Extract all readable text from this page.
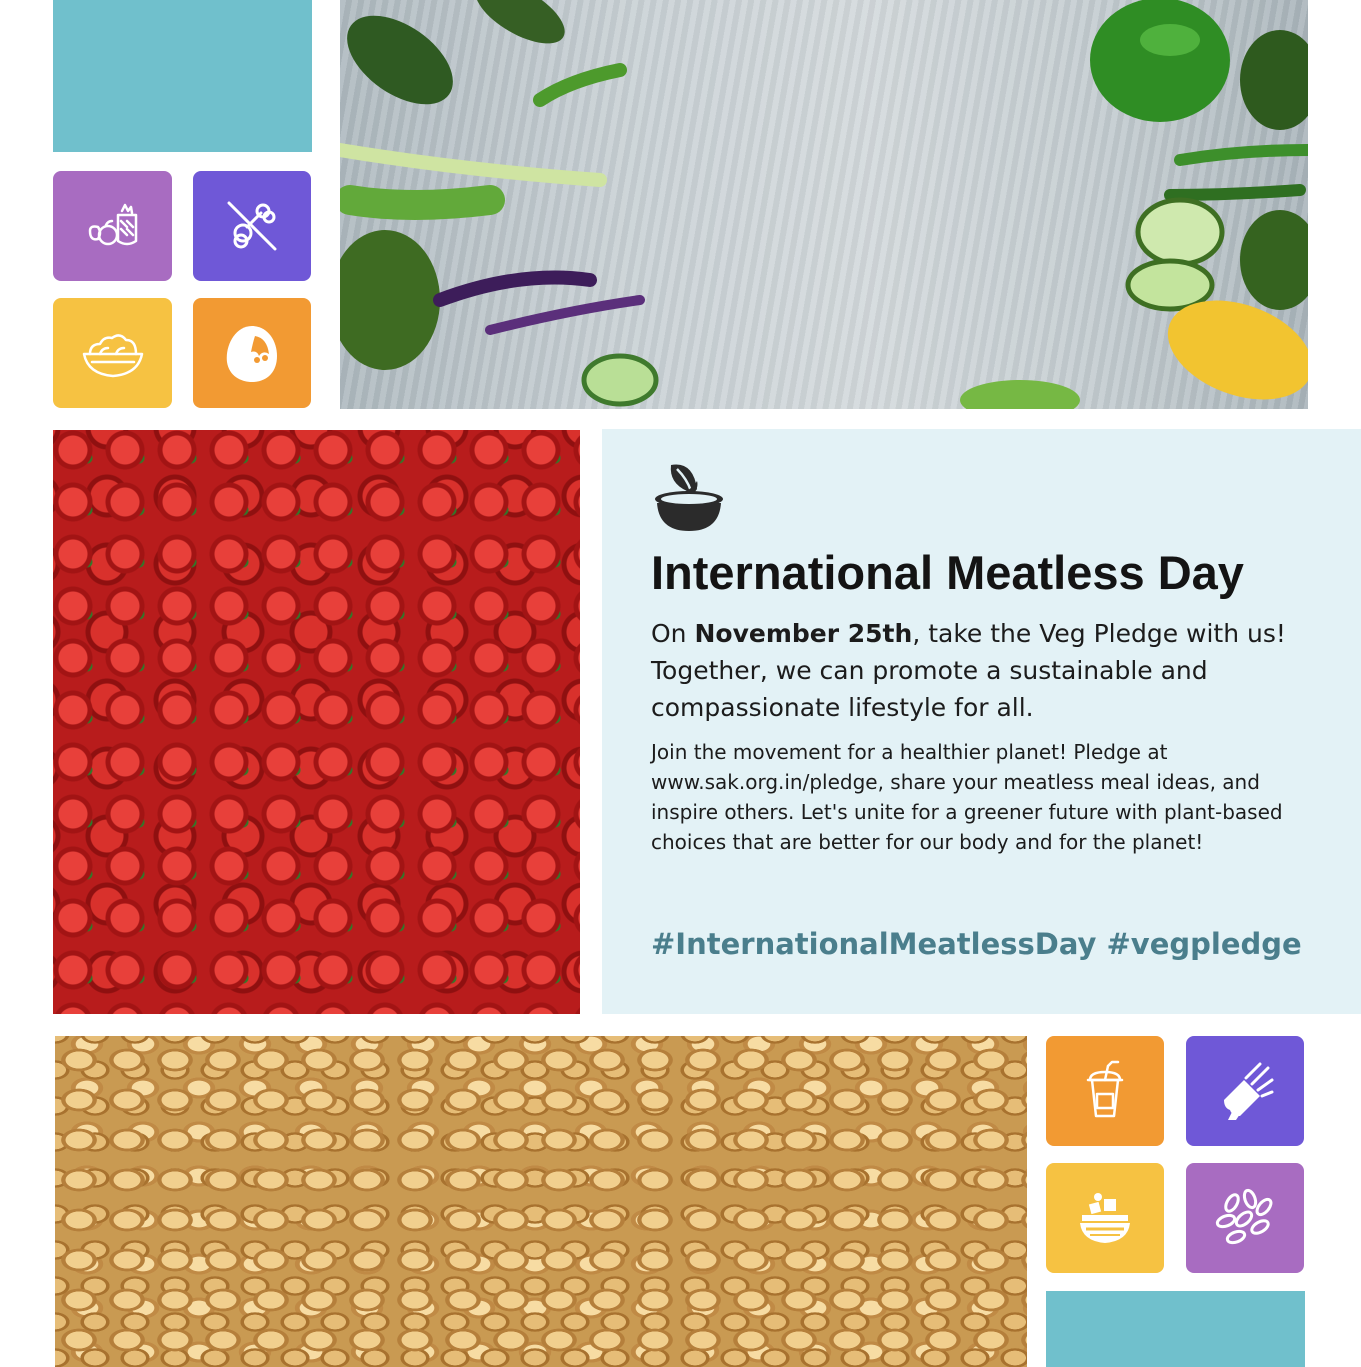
International Meatless Day

On November 25th, take the Veg Pledge with us! Together, we can promote a sustainable and compassionate lifestyle for all.

Join the movement for a healthier planet! Pledge at www.sak.org.in/pledge, share your meatless meal ideas, and inspire others. Let's unite for a greener future with plant-based choices that are better for our body and for the planet!

#InternationalMeatlessDay #vegpledge
